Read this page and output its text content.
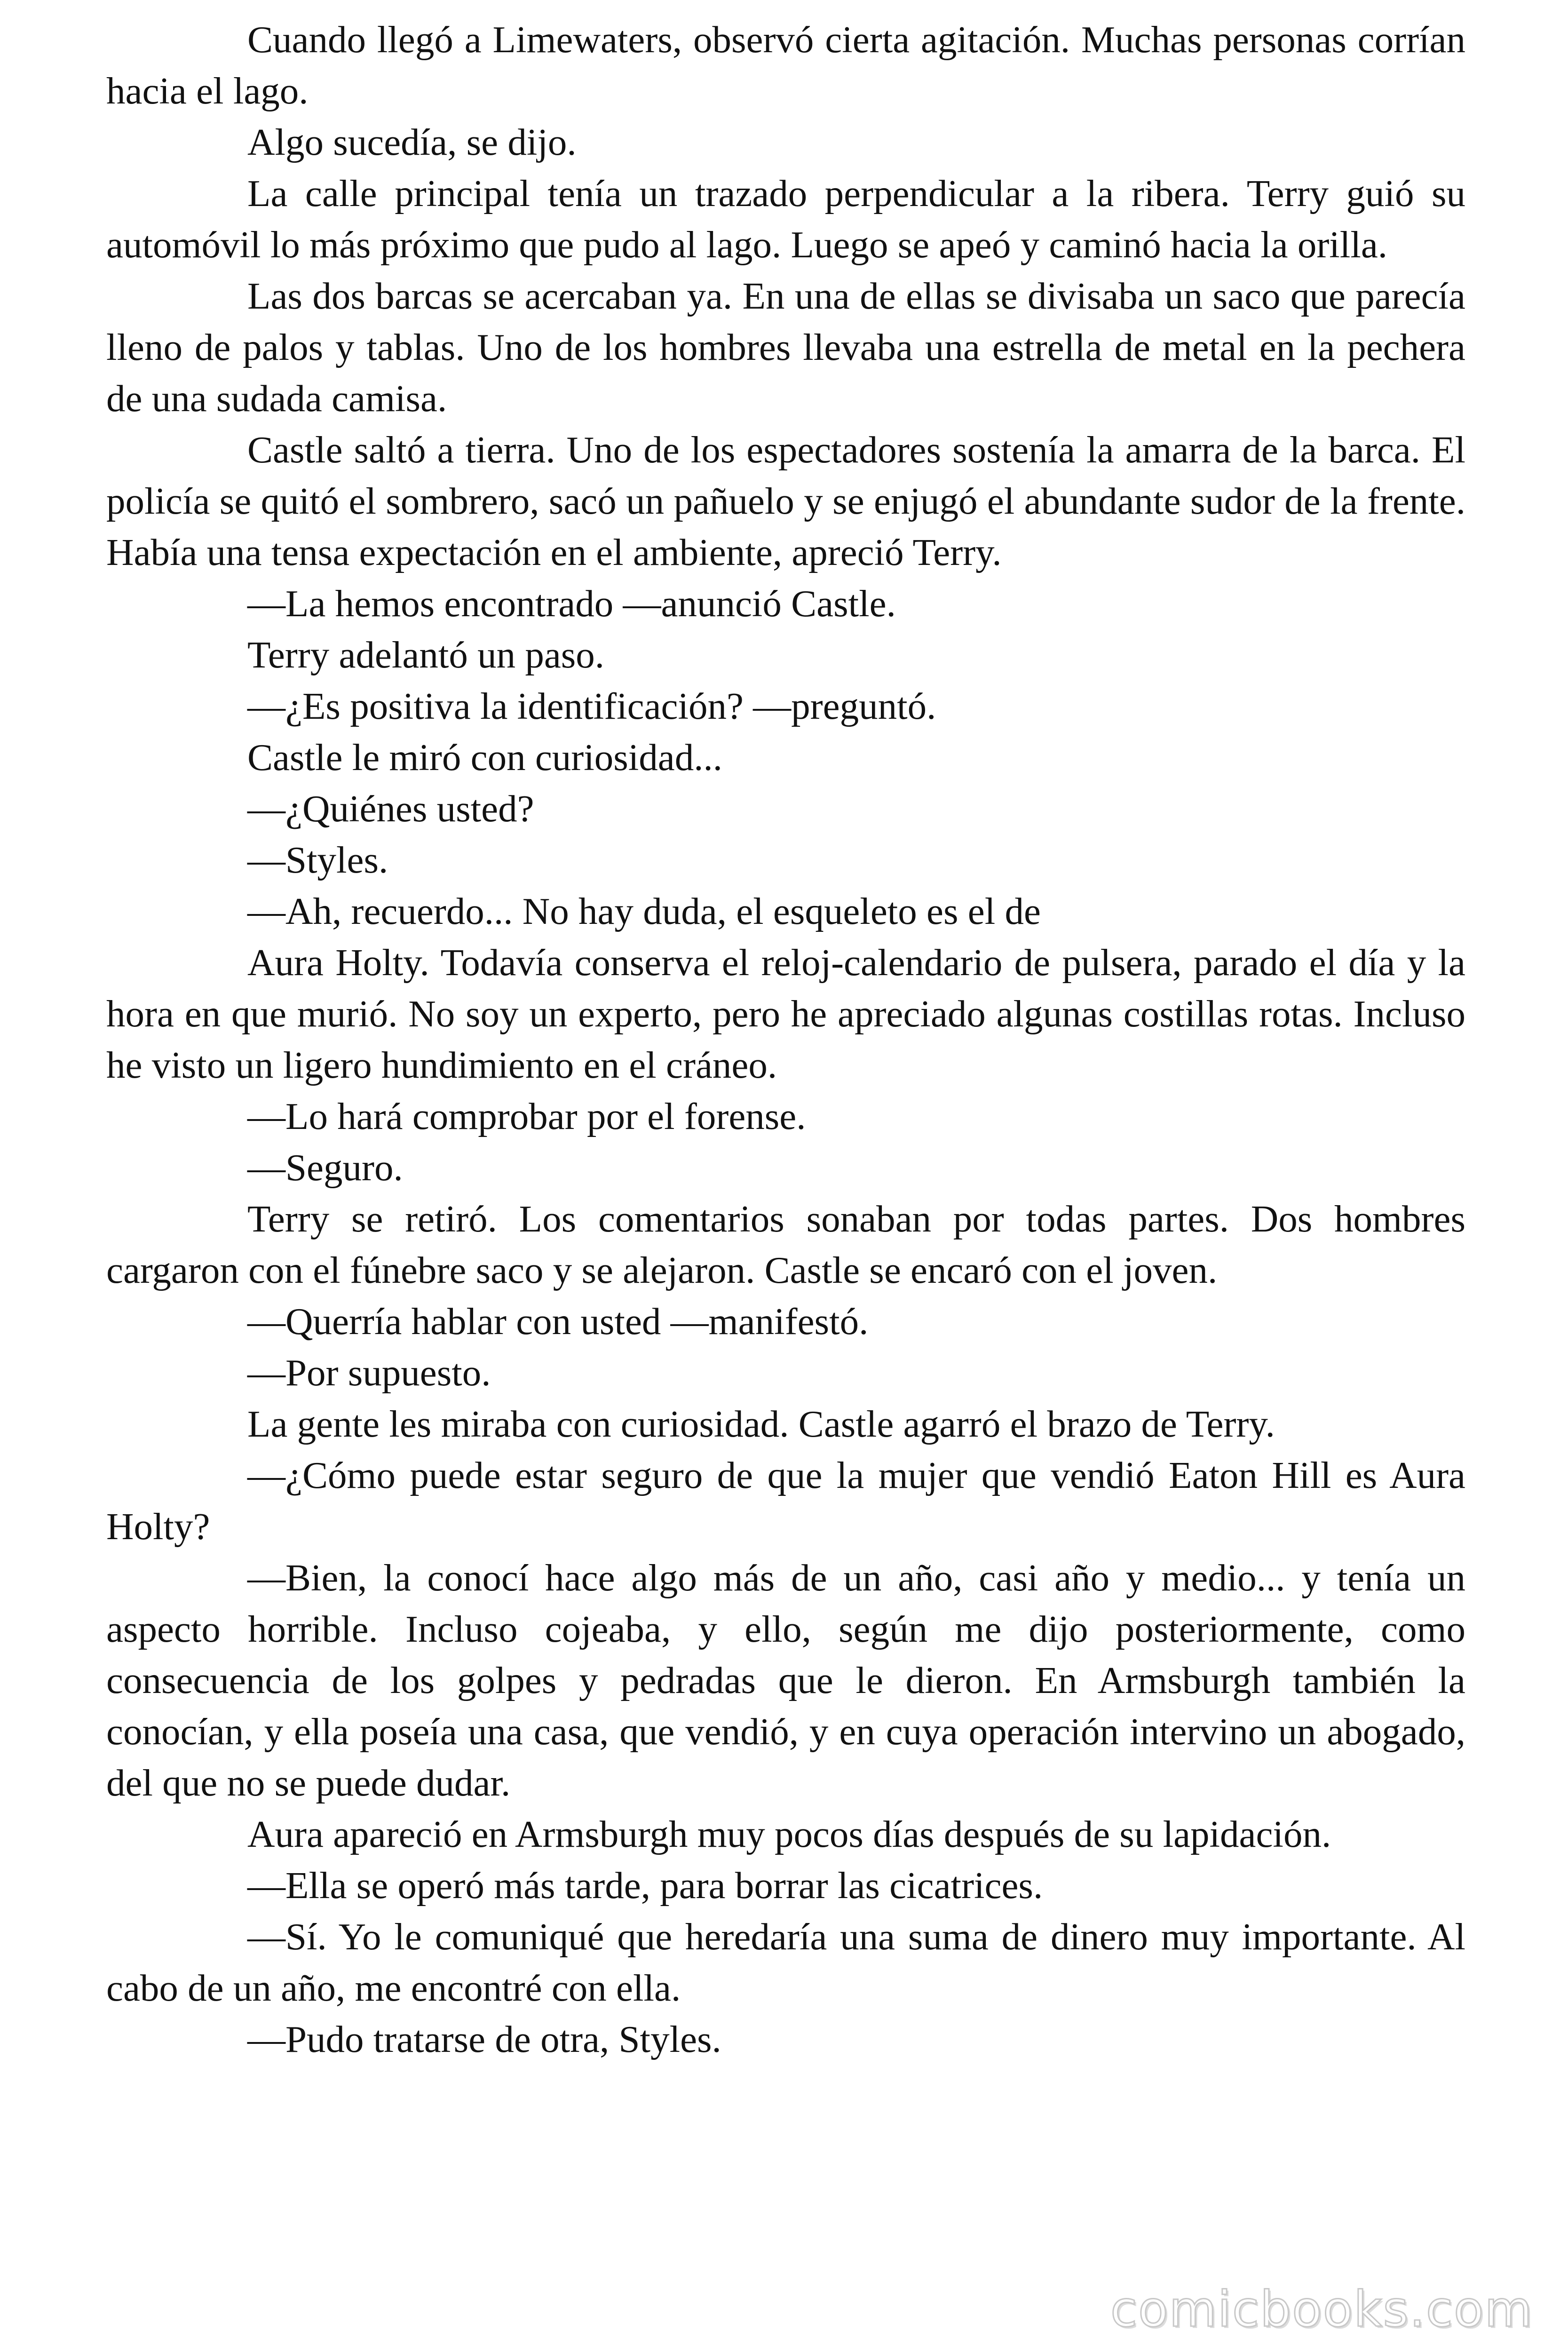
Cuando llegó a Limewaters, observó cierta agitación. Muchas personas corrían hacia el lago.

Algo sucedía, se dijo.

La calle principal tenía un trazado perpendicular a la ribera. Terry guió su automóvil lo más próximo que pudo al lago. Luego se apeó y caminó hacia la orilla.

Las dos barcas se acercaban ya. En una de ellas se divisaba un saco que parecía lleno de palos y tablas. Uno de los hombres llevaba una estrella de metal en la pechera de una sudada camisa.

Castle saltó a tierra. Uno de los espectadores sostenía la amarra de la barca. El policía se quitó el sombrero, sacó un pañuelo y se enjugó el abundante sudor de la frente. Había una tensa expectación en el ambiente, apreció Terry.

—La hemos encontrado —anunció Castle.

Terry adelantó un paso.

—¿Es positiva la identificación? —preguntó.

Castle le miró con curiosidad...

—¿Quiénes usted?

—Styles.

—Ah, recuerdo... No hay duda, el esqueleto es el de

Aura Holty. Todavía conserva el reloj-calendario de pulsera, parado el día y la hora en que murió. No soy un experto, pero he apreciado algunas costillas rotas. Incluso he visto un ligero hundimiento en el cráneo.

—Lo hará comprobar por el forense.

—Seguro.

Terry se retiró. Los comentarios sonaban por todas partes. Dos hombres cargaron con el fúnebre saco y se alejaron. Castle se encaró con el joven.

—Querría hablar con usted —manifestó.

—Por supuesto.

La gente les miraba con curiosidad. Castle agarró el brazo de Terry.

—¿Cómo puede estar seguro de que la mujer que vendió Eaton Hill es Aura Holty?

—Bien, la conocí hace algo más de un año, casi año y medio... y tenía un aspecto horrible. Incluso cojeaba, y ello, según me dijo posteriormente, como consecuencia de los golpes y pedradas que le dieron. En Armsburgh también la conocían, y ella poseía una casa, que vendió, y en cuya operación intervino un abogado, del que no se puede dudar.

Aura apareció en Armsburgh muy pocos días después de su lapidación.

—Ella se operó más tarde, para borrar las cicatrices.

—Sí. Yo le comuniqué que heredaría una suma de dinero muy importante. Al cabo de un año, me encontré con ella.

—Pudo tratarse de otra, Styles.

comicbooks.com
